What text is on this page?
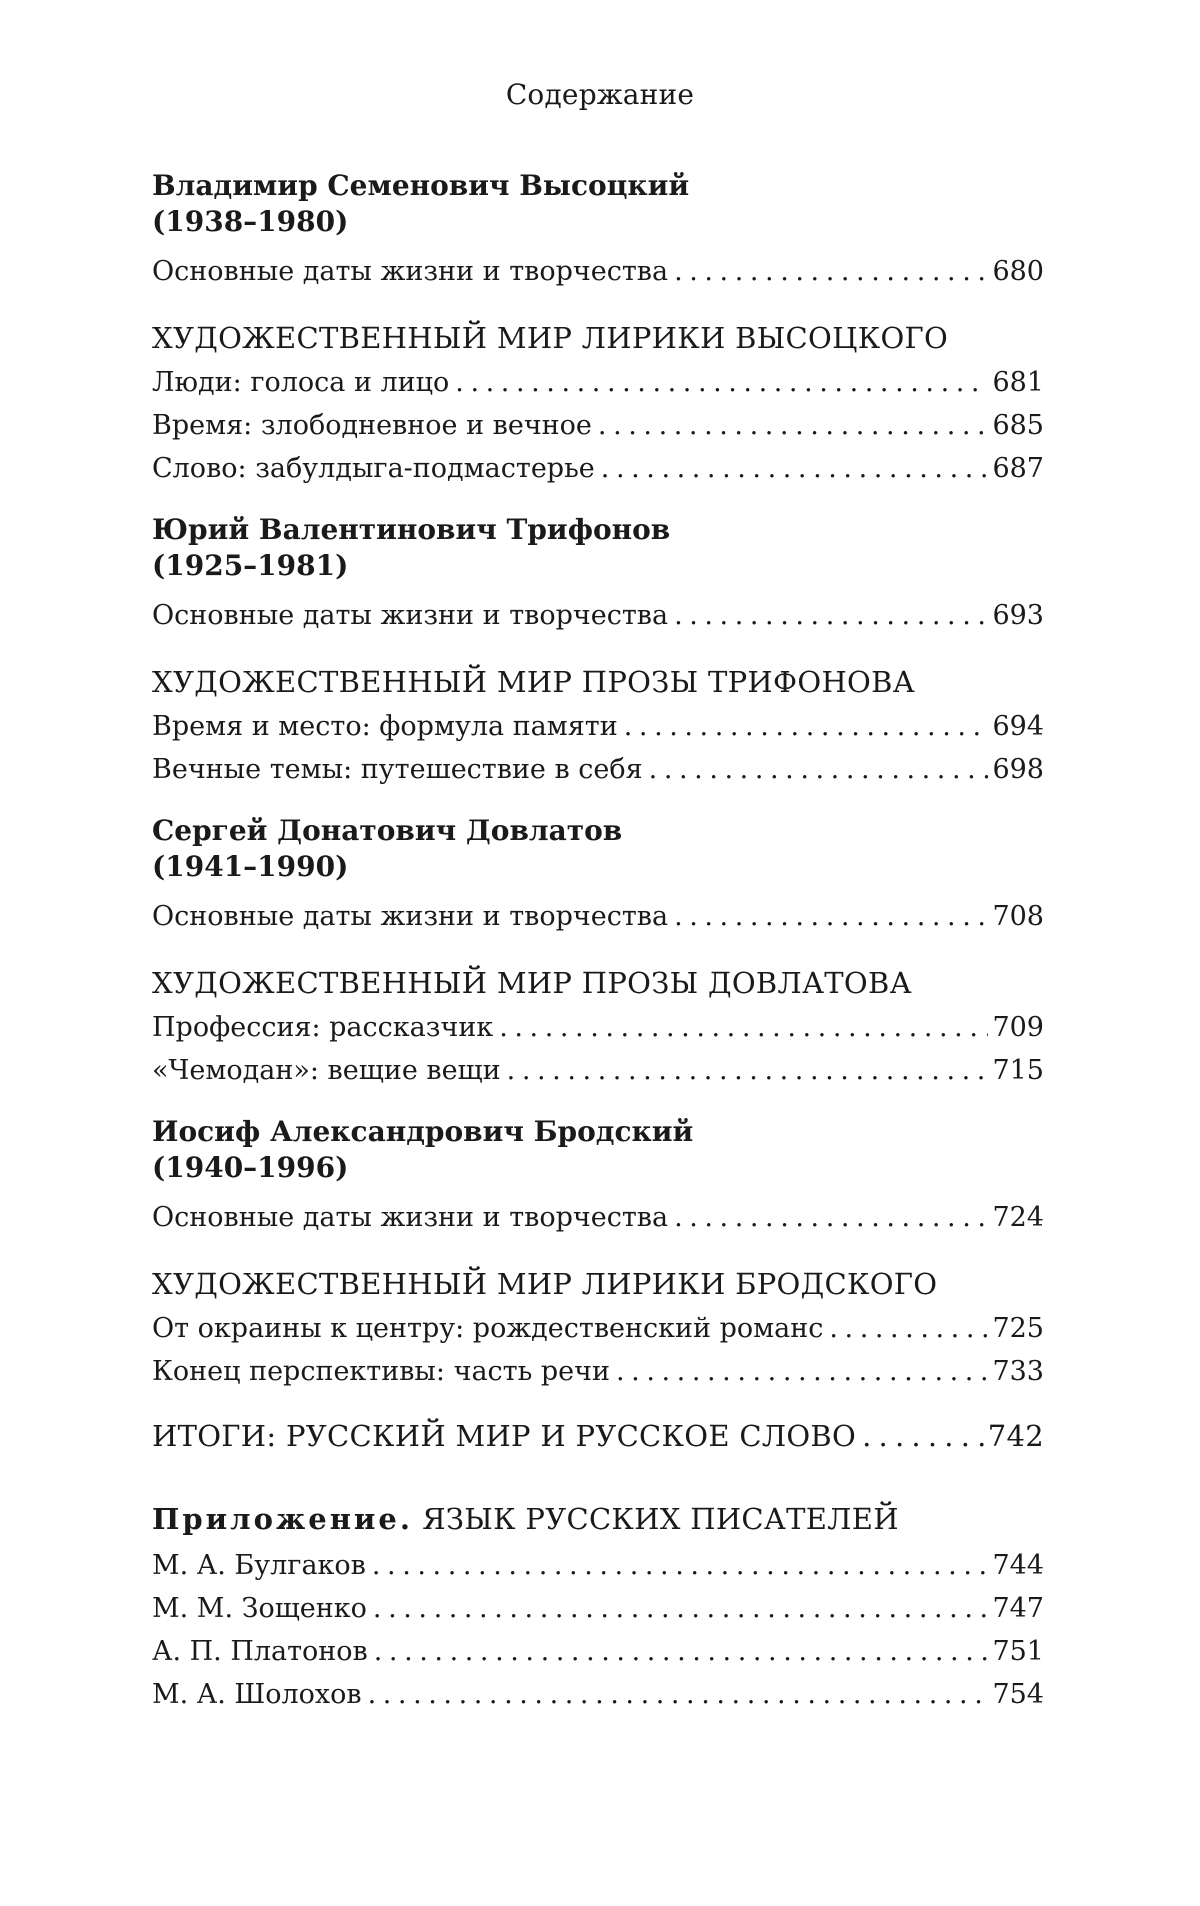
Содержание

Владимир Семенович Высоцкий

(1938–1980)

Основные даты жизни и творчества . . .	680
ХУДОЖЕСТВЕННЫЙ МИР ЛИРИКИ ВЫСОЦКОГО
Люди: голоса и лицо . . .	681
Время: злободневное и вечное . . .	685
Слово: забулдыга-подмастерье . . .	687

Юрий Валентинович Трифонов

(1925–1981)

Основные даты жизни и творчества . . .	693
ХУДОЖЕСТВЕННЫЙ МИР ПРОЗЫ ТРИФОНОВА
Время и место: формула памяти . . .	694
Вечные темы: путешествие в себя . . .	698

Сергей Донатович Довлатов

(1941–1990)

Основные даты жизни и творчества . . .	708
ХУДОЖЕСТВЕННЫЙ МИР ПРОЗЫ ДОВЛАТОВА
Профессия: рассказчик . . .	709
«Чемодан»: вещие вещи . . .	715

Иосиф Александрович Бродский

(1940–1996)

Основные даты жизни и творчества . . .	724
ХУДОЖЕСТВЕННЫЙ МИР ЛИРИКИ БРОДСКОГО
От окраины к центру: рождественский романс . . .	725
Конец перспективы: часть речи . . .	733
ИТОГИ: РУССКИЙ МИР И РУССКОЕ СЛОВО . . .	742
Приложение. ЯЗЫК РУССКИХ ПИСАТЕЛЕЙ
М. А. Булгаков . . .	744
М. М. Зощенко . . .	747
А. П. Платонов . . .	751
М. А. Шолохов . . .	754
